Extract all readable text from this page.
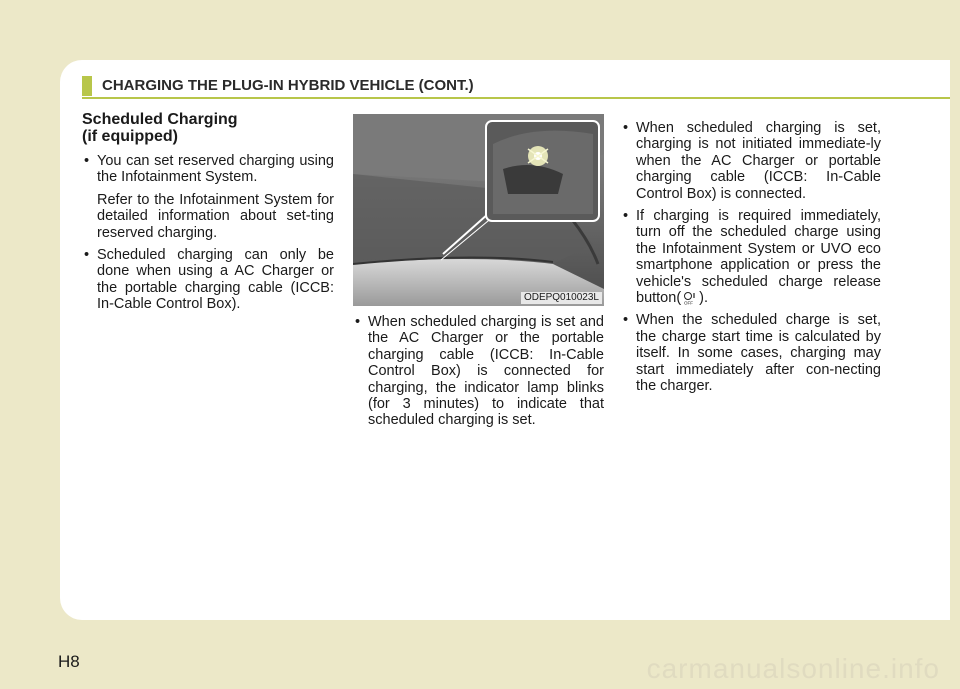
CHARGING THE PLUG-IN HYBRID VEHICLE (CONT.)
Scheduled Charging
(if equipped)
• You can set reserved charging using the Infotainment System.
Refer to the Infotainment System for detailed information about set-ting reserved charging.
• Scheduled charging can only be done when using a AC Charger or the portable charging cable (ICCB: In-Cable Control Box).	ODEPQ010023L
• When scheduled charging is set and the AC Charger or the portable charging cable (ICCB: In-Cable Control Box) is connected for charging, the indicator lamp blinks (for 3 minutes) to indicate that scheduled charging is set.
• When scheduled charging is set, charging is not initiated immediate-ly when the AC Charger or portable charging cable (ICCB: In-Cable Control Box) is connected.
• If charging is required immediately, turn off the scheduled charge using the Infotainment System or UVO eco smartphone application or press the vehicle's scheduled charge release button( OFF ).
• When the scheduled charge is set, the charge start time is calculated by itself. In some cases, charging may start immediately after con-necting the charger.
H8	carmanualsonline.info
